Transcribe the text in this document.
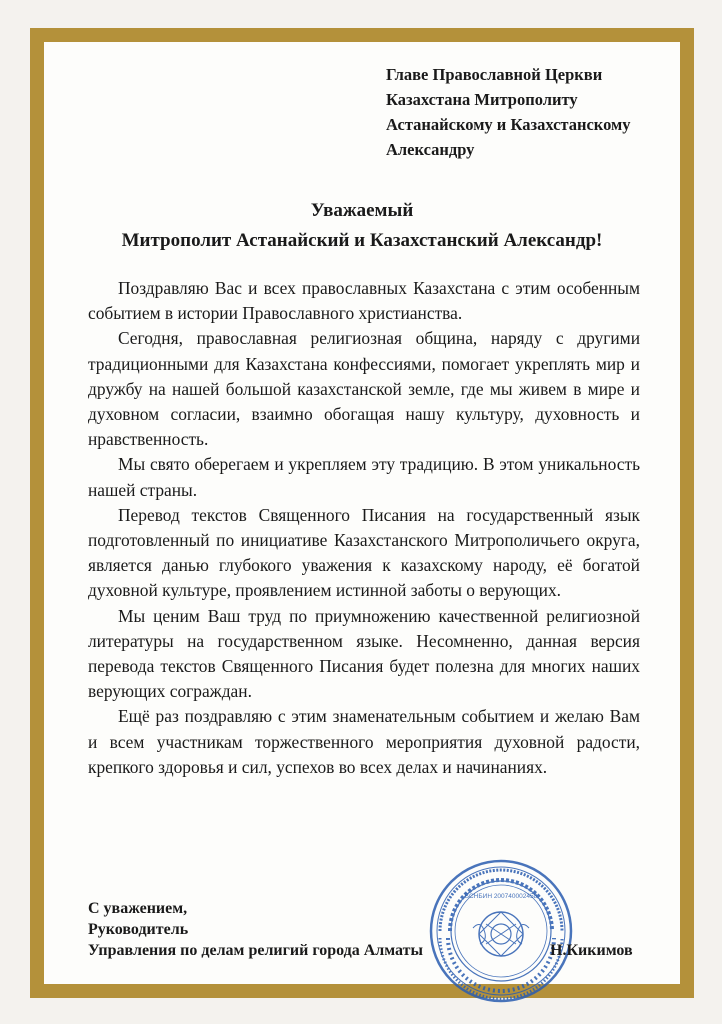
Главе Православной Церкви
Казахстана Митрополиту
Астанайскому и Казахстанскому
Александру
Уважаемый
Митрополит Астанайский и Казахстанский Александр!

Поздравляю Вас и всех православных Казахстана с этим особенным событием в истории Православного христианства.

Сегодня, православная религиозная община, наряду с другими традиционными для Казахстана конфессиями, помогает укреплять мир и дружбу на нашей большой казахстанской земле, где мы живем в мире и духовном согласии, взаимно обогащая нашу культуру, духовность и нравственность.

Мы свято оберегаем и укрепляем эту традицию. В этом уникальность нашей страны.

Перевод текстов Священного Писания на государственный язык подготовленный по инициативе Казахстанского Митрополичьего округа, является данью глубокого уважения к казахскому народу, её богатой духовной культуре, проявлением истинной заботы о верующих.

Мы ценим Ваш труд по приумножению качественной религиозной литературы на государственном языке. Несомненно, данная версия перевода текстов Священного Писания будет полезна для многих наших верующих сограждан.

Ещё раз поздравляю с этим знаменательным событием и желаю Вам и всем участникам торжественного мероприятия духовной радости, крепкого здоровья и сил, успехов во всех делах и начинаниях.

БСНБИН 200740002458
С уважением,
Руководитель
Управления по делам религий города Алматы	Н.Кикимов
